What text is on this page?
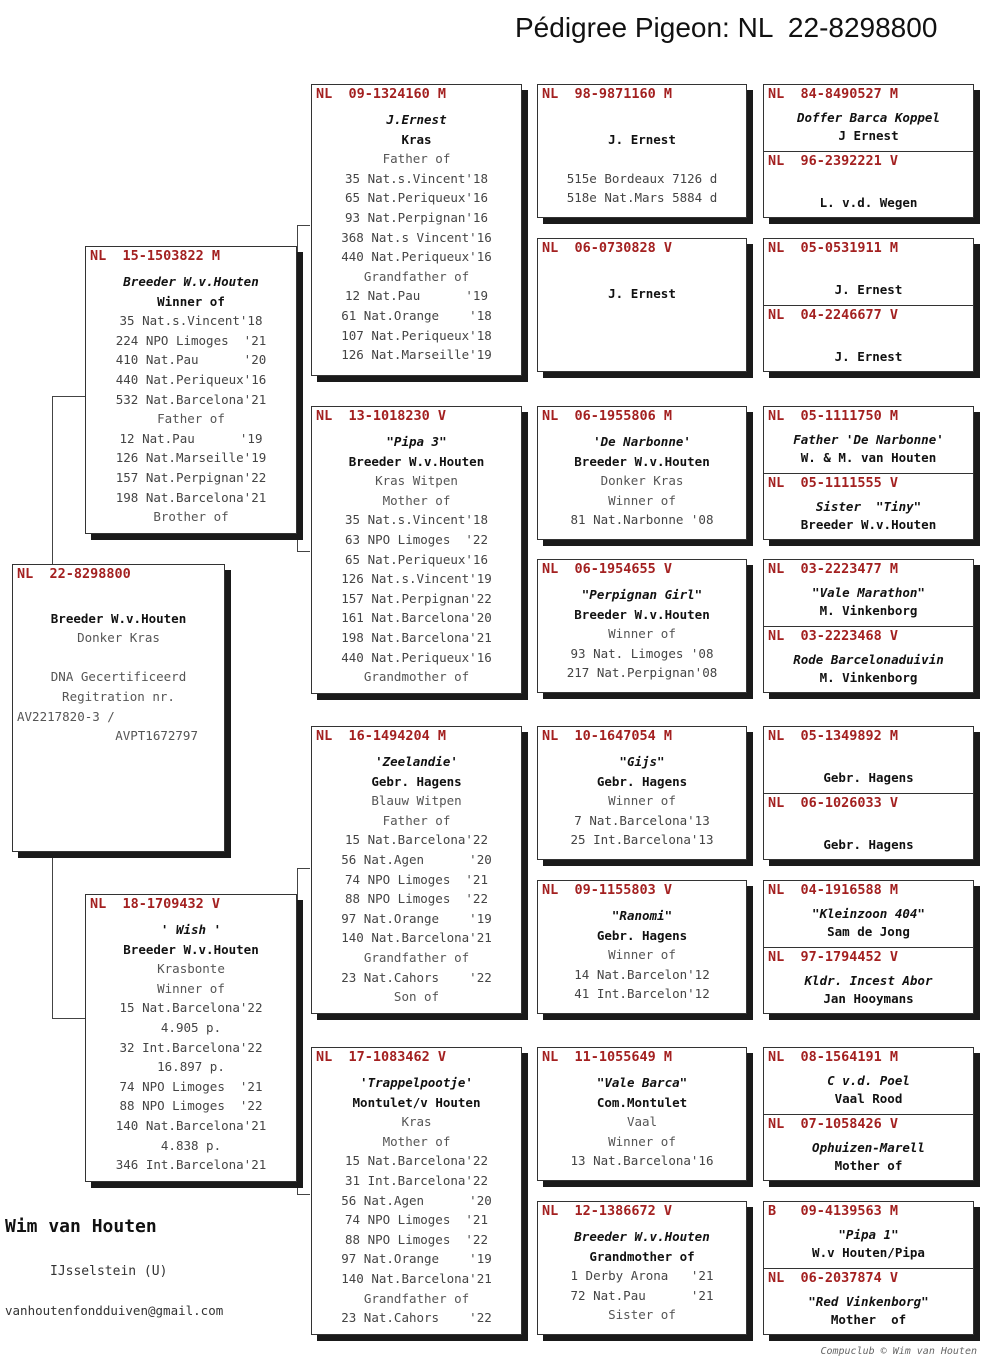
Pédigree Pigeon: NL  22-8298800
NL  22-8298800
Breeder W.v.Houten
Donker Kras
DNA Gecertificeerd
Regitration nr.
AV2217820-3 /
AVPT1672797
NL  15-1503822 M
Breeder W.v.Houten
Winner of
35 Nat.s.Vincent'18
224 NPO Limoges  '21
410 Nat.Pau      '20
440 Nat.Periqueux'16
532 Nat.Barcelona'21
Father of
12 Nat.Pau      '19
126 Nat.Marseille'19
157 Nat.Perpignan'22
198 Nat.Barcelona'21
Brother of
NL  18-1709432 V
' Wish '
Breeder W.v.Houten
Krasbonte
Winner of
15 Nat.Barcelona'22
4.905 p.
32 Int.Barcelona'22
16.897 p.
74 NPO Limoges  '21
88 NPO Limoges  '22
140 Nat.Barcelona'21
4.838 p.
346 Int.Barcelona'21
NL  09-1324160 M
J.Ernest
Kras
Father of
35 Nat.s.Vincent'18
65 Nat.Periqueux'16
93 Nat.Perpignan'16
368 Nat.s Vincent'16
440 Nat.Periqueux'16
Grandfather of
12 Nat.Pau      '19
61 Nat.Orange    '18
107 Nat.Periqueux'18
126 Nat.Marseille'19
NL  13-1018230 V
"Pipa 3"
Breeder W.v.Houten
Kras Witpen
Mother of
35 Nat.s.Vincent'18
63 NPO Limoges  '22
65 Nat.Periqueux'16
126 Nat.s.Vincent'19
157 Nat.Perpignan'22
161 Nat.Barcelona'20
198 Nat.Barcelona'21
440 Nat.Periqueux'16
Grandmother of
NL  16-1494204 M
'Zeelandie'
Gebr. Hagens
Blauw Witpen
Father of
15 Nat.Barcelona'22
56 Nat.Agen      '20
74 NPO Limoges  '21
88 NPO Limoges  '22
97 Nat.Orange    '19
140 Nat.Barcelona'21
Grandfather of
23 Nat.Cahors    '22
Son of
NL  17-1083462 V
'Trappelpootje'
Montulet/v Houten
Kras
Mother of
15 Nat.Barcelona'22
31 Int.Barcelona'22
56 Nat.Agen      '20
74 NPO Limoges  '21
88 NPO Limoges  '22
97 Nat.Orange    '19
140 Nat.Barcelona'21
Grandfather of
23 Nat.Cahors    '22
NL  98-9871160 M
J. Ernest
515e Bordeaux 7126 d
518e Nat.Mars 5884 d
NL  06-0730828 V
J. Ernest
NL  06-1955806 M
'De Narbonne'
Breeder W.v.Houten
Donker Kras
Winner of
81 Nat.Narbonne '08
NL  06-1954655 V
"Perpignan Girl"
Breeder W.v.Houten
Winner of
93 Nat. Limoges '08
217 Nat.Perpignan'08
NL  10-1647054 M
"Gijs"
Gebr. Hagens
Winner of
7 Nat.Barcelona'13
25 Int.Barcelona'13
NL  09-1155803 V
"Ranomi"
Gebr. Hagens
Winner of
14 Nat.Barcelon'12
41 Int.Barcelon'12
NL  11-1055649 M
"Vale Barca"
Com.Montulet
Vaal
Winner of
13 Nat.Barcelona'16
NL  12-1386672 V
Breeder W.v.Houten
Grandmother of
1 Derby Arona   '21
72 Nat.Pau      '21
Sister of
NL  84-8490527 M
Doffer Barca Koppel
J Ernest
NL  96-2392221 V
L. v.d. Wegen
NL  05-0531911 M
J. Ernest
NL  04-2246677 V
J. Ernest
NL  05-1111750 M
Father 'De Narbonne'
W. & M. van Houten
NL  05-1111555 V
Sister  "Tiny"
Breeder W.v.Houten
NL  03-2223477 M
"Vale Marathon"
M. Vinkenborg
NL  03-2223468 V
Rode Barcelonaduivin
M. Vinkenborg
NL  05-1349892 M
Gebr. Hagens
NL  06-1026033 V
Gebr. Hagens
NL  04-1916588 M
"Kleinzoon 404"
Sam de Jong
NL  97-1794452 V
Kldr. Incest Abor
Jan Hooymans
NL  08-1564191 M
C v.d. Poel
Vaal Rood
NL  07-1058426 V
Ophuizen-Marell
Mother of
B   09-4139563 M
"Pipa 1"
W.v Houten/Pipa
NL  06-2037874 V
"Red Vinkenborg"
Mother  of
Wim van Houten
IJsselstein (U)
vanhoutenfondduiven@gmail.com
Compuclub © Wim van Houten
